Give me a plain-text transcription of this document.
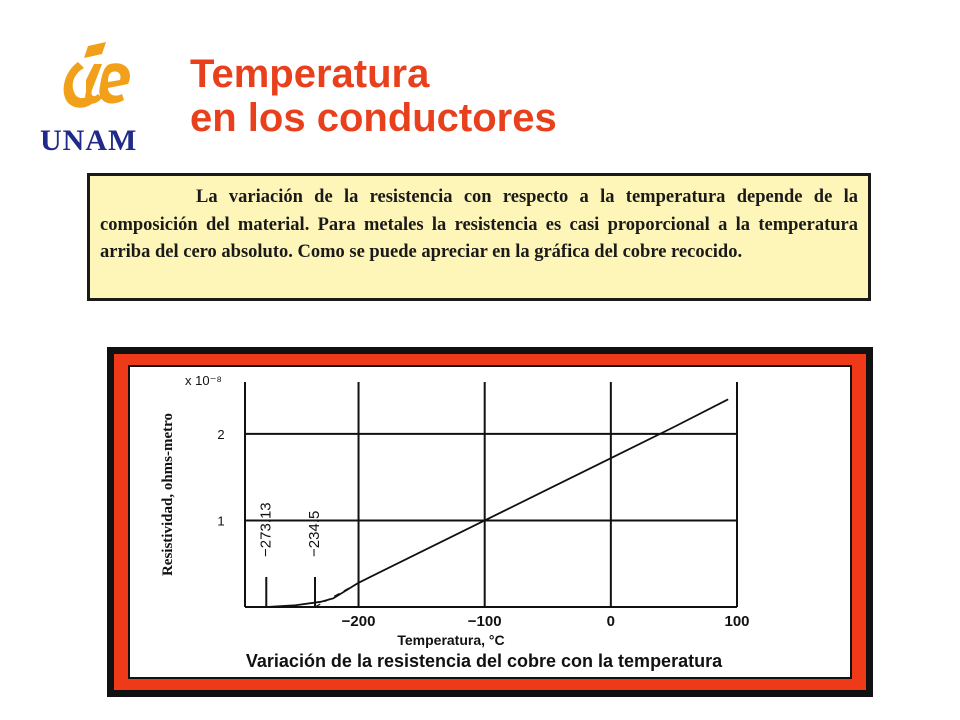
UNAM
Temperatura
en los conductores

La variación de la resistencia con respecto a la temperatura depende de la composición del material. Para metales la resistencia es casi proporcional a la temperatura arriba del cero absoluto. Como se puede apreciar en la gráfica del cobre recocido.

−200	−100	0	100
1
2
x 10⁻⁸
Resistividad, ohms-metro
Temperatura, °C
−273.13 −234.5
Variación de la resistencia del cobre con la temperatura
